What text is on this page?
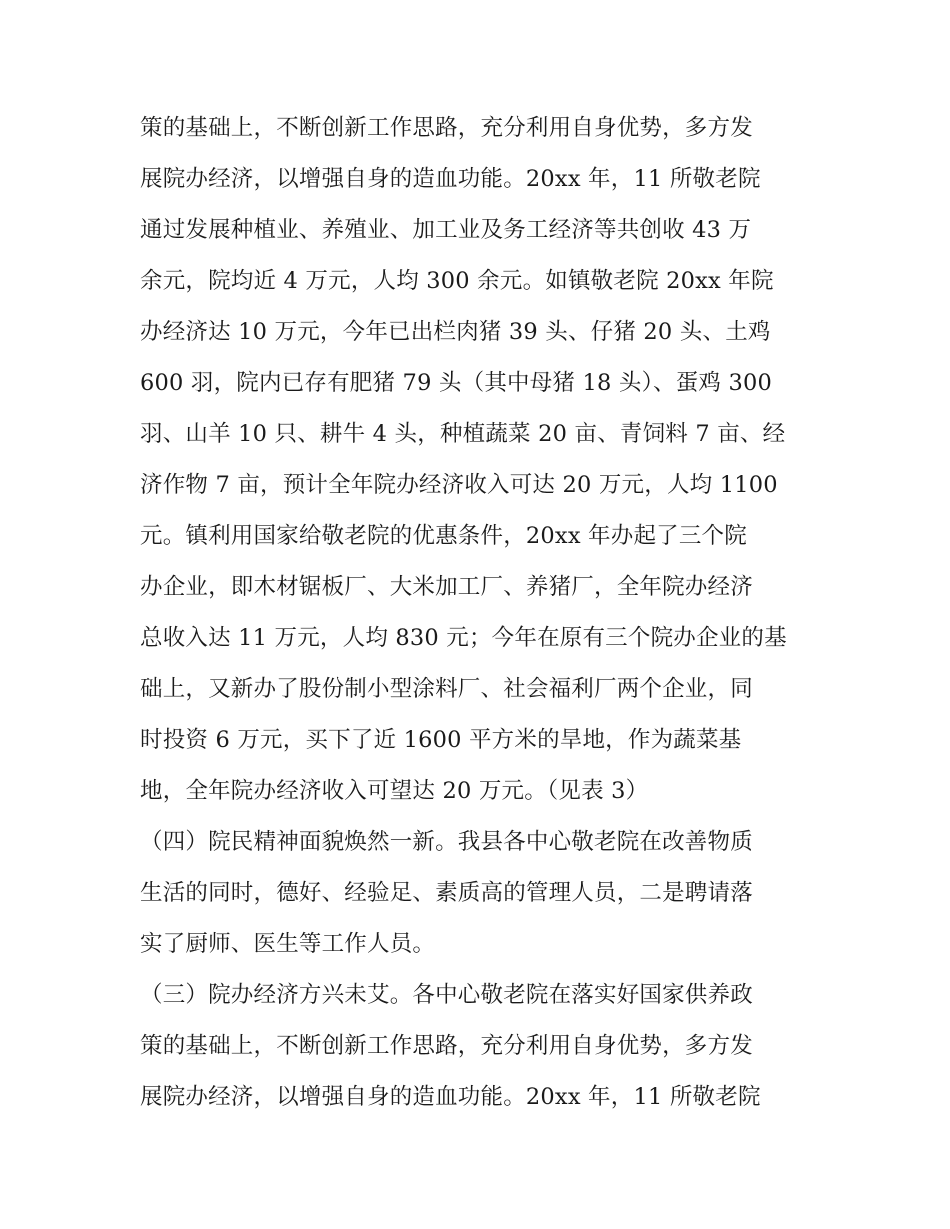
策的基础上，不断创新工作思路，充分利用自身优势，多方发
展院办经济，以增强自身的造血功能。20xx 年，11 所敬老院
通过发展种植业、养殖业、加工业及务工经济等共创收 43 万
余元，院均近 4 万元，人均 300 余元。如镇敬老院 20xx 年院
办经济达 10 万元，今年已出栏肉猪 39 头、仔猪 20 头、土鸡
600 羽，院内已存有肥猪 79 头（其中母猪 18 头）、蛋鸡 300
羽、山羊 10 只、耕牛 4 头，种植蔬菜 20 亩、青饲料 7 亩、经
济作物 7 亩，预计全年院办经济收入可达 20 万元，人均 1100
元。镇利用国家给敬老院的优惠条件，20xx 年办起了三个院
办企业，即木材锯板厂、大米加工厂、养猪厂，全年院办经济
总收入达 11 万元，人均 830 元；今年在原有三个院办企业的基
础上，又新办了股份制小型涂料厂、社会福利厂两个企业，同
时投资 6 万元，买下了近 1600 平方米的旱地，作为蔬菜基
地，全年院办经济收入可望达 20 万元。（见表 3）
（四）院民精神面貌焕然一新。我县各中心敬老院在改善物质
生活的同时，德好、经验足、素质高的管理人员，二是聘请落
实了厨师、医生等工作人员。
（三）院办经济方兴未艾。各中心敬老院在落实好国家供养政
策的基础上，不断创新工作思路，充分利用自身优势，多方发
展院办经济，以增强自身的造血功能。20xx 年，11 所敬老院
